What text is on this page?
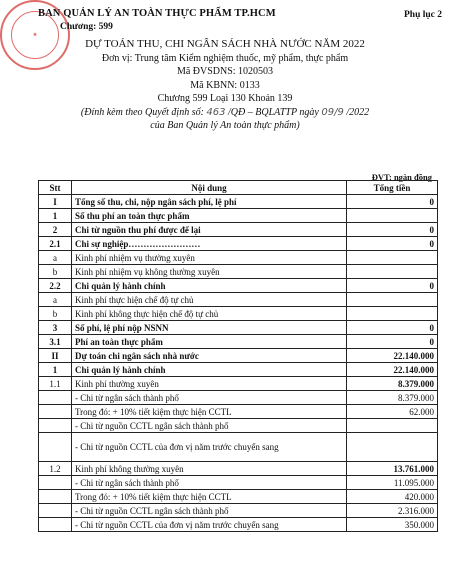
★
BAN QUẢN LÝ AN TOÀN THỰC PHẨM TP.HCM
Chương: 599
Phụ lục 2
DỰ TOÁN THU, CHI NGÂN SÁCH NHÀ NƯỚC NĂM 2022
Đơn vị: Trung tâm Kiểm nghiệm thuốc, mỹ phẩm, thực phẩm
Mã ĐVSDNS: 1020503
Mã KBNN: 0133
Chương 599 Loại 130 Khoản 139
(Đính kèm theo Quyết định số: 463 /QĐ – BQLATTP ngày 09/9 /2022
của Ban Quản lý An toàn thực phẩm)
ĐVT: ngàn đồng
Stt	Nội dung	Tổng tiền
I	Tổng số thu, chi, nộp ngân sách phí, lệ phí	0
1	Số thu phí an toàn thực phẩm	
2	Chi từ nguồn thu phí được để lại	0
2.1	Chi sự nghiệp……………………	0
a	Kinh phí nhiệm vụ thường xuyên	
b	Kinh phí nhiệm vụ không thường xuyên	
2.2	Chi quản lý hành chính	0
a	Kinh phí thực hiện chế độ tự chủ	
b	Kinh phí không thực hiện chế độ tự chủ	
3	Số phí, lệ phí nộp NSNN	0
3.1	Phí an toàn thực phẩm	0
II	Dự toán chi ngân sách nhà nước	22.140.000
1	Chi quản lý hành chính	22.140.000
1.1	Kinh phí thường xuyên	8.379.000
	- Chi từ ngân sách thành phố	8.379.000
	Trong đó: + 10% tiết kiệm thực hiện CCTL	62.000
	- Chi từ nguồn CCTL ngân sách thành phố	
	- Chi từ nguồn CCTL của đơn vị năm trước chuyển sang	
1.2	Kinh phí không thường xuyên	13.761.000
	- Chi từ ngân sách thành phố	11.095.000
	Trong đó: + 10% tiết kiệm thực hiện CCTL	420.000
	- Chi từ nguồn CCTL ngân sách thành phố	2.316.000
	- Chi từ nguồn CCTL của đơn vị năm trước chuyển sang	350.000
